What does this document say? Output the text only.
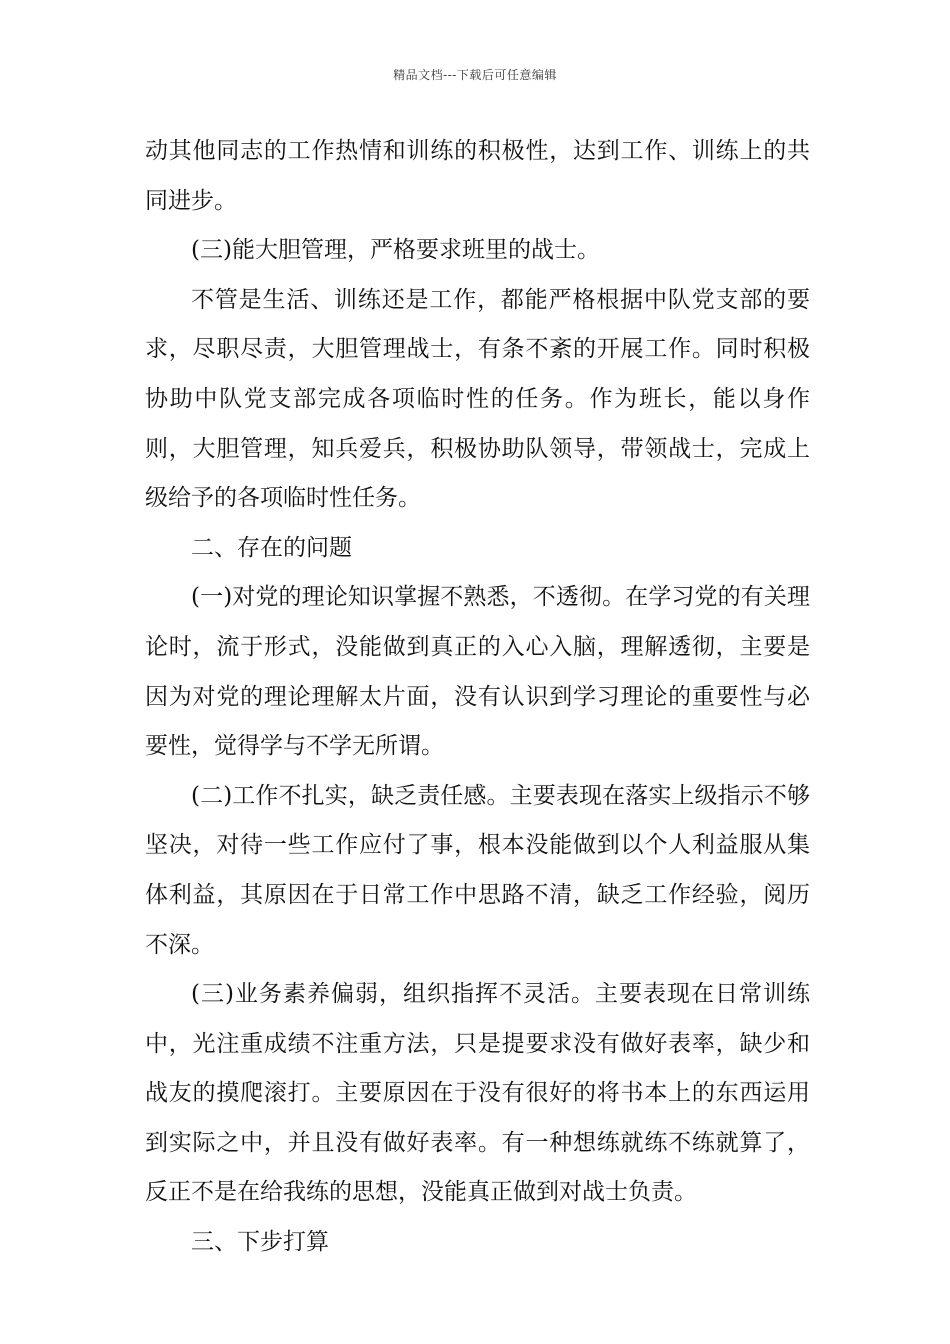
精品文档---下载后可任意编辑

动其他同志的工作热情和训练的积极性，达到工作、训练上的共同进步。

(三)能大胆管理，严格要求班里的战士。

不管是生活、训练还是工作，都能严格根据中队党支部的要求，尽职尽责，大胆管理战士，有条不紊的开展工作。同时积极协助中队党支部完成各项临时性的任务。作为班长，能以身作则，大胆管理，知兵爱兵，积极协助队领导，带领战士，完成上级给予的各项临时性任务。

二、存在的问题

(一)对党的理论知识掌握不熟悉，不透彻。在学习党的有关理论时，流于形式，没能做到真正的入心入脑，理解透彻，主要是因为对党的理论理解太片面，没有认识到学习理论的重要性与必要性，觉得学与不学无所谓。

(二)工作不扎实，缺乏责任感。主要表现在落实上级指示不够坚决，对待一些工作应付了事，根本没能做到以个人利益服从集体利益，其原因在于日常工作中思路不清，缺乏工作经验，阅历不深。

(三)业务素养偏弱，组织指挥不灵活。主要表现在日常训练中，光注重成绩不注重方法，只是提要求没有做好表率，缺少和战友的摸爬滚打。主要原因在于没有很好的将书本上的东西运用到实际之中，并且没有做好表率。有一种想练就练不练就算了，反正不是在给我练的思想，没能真正做到对战士负责。

三、下步打算
